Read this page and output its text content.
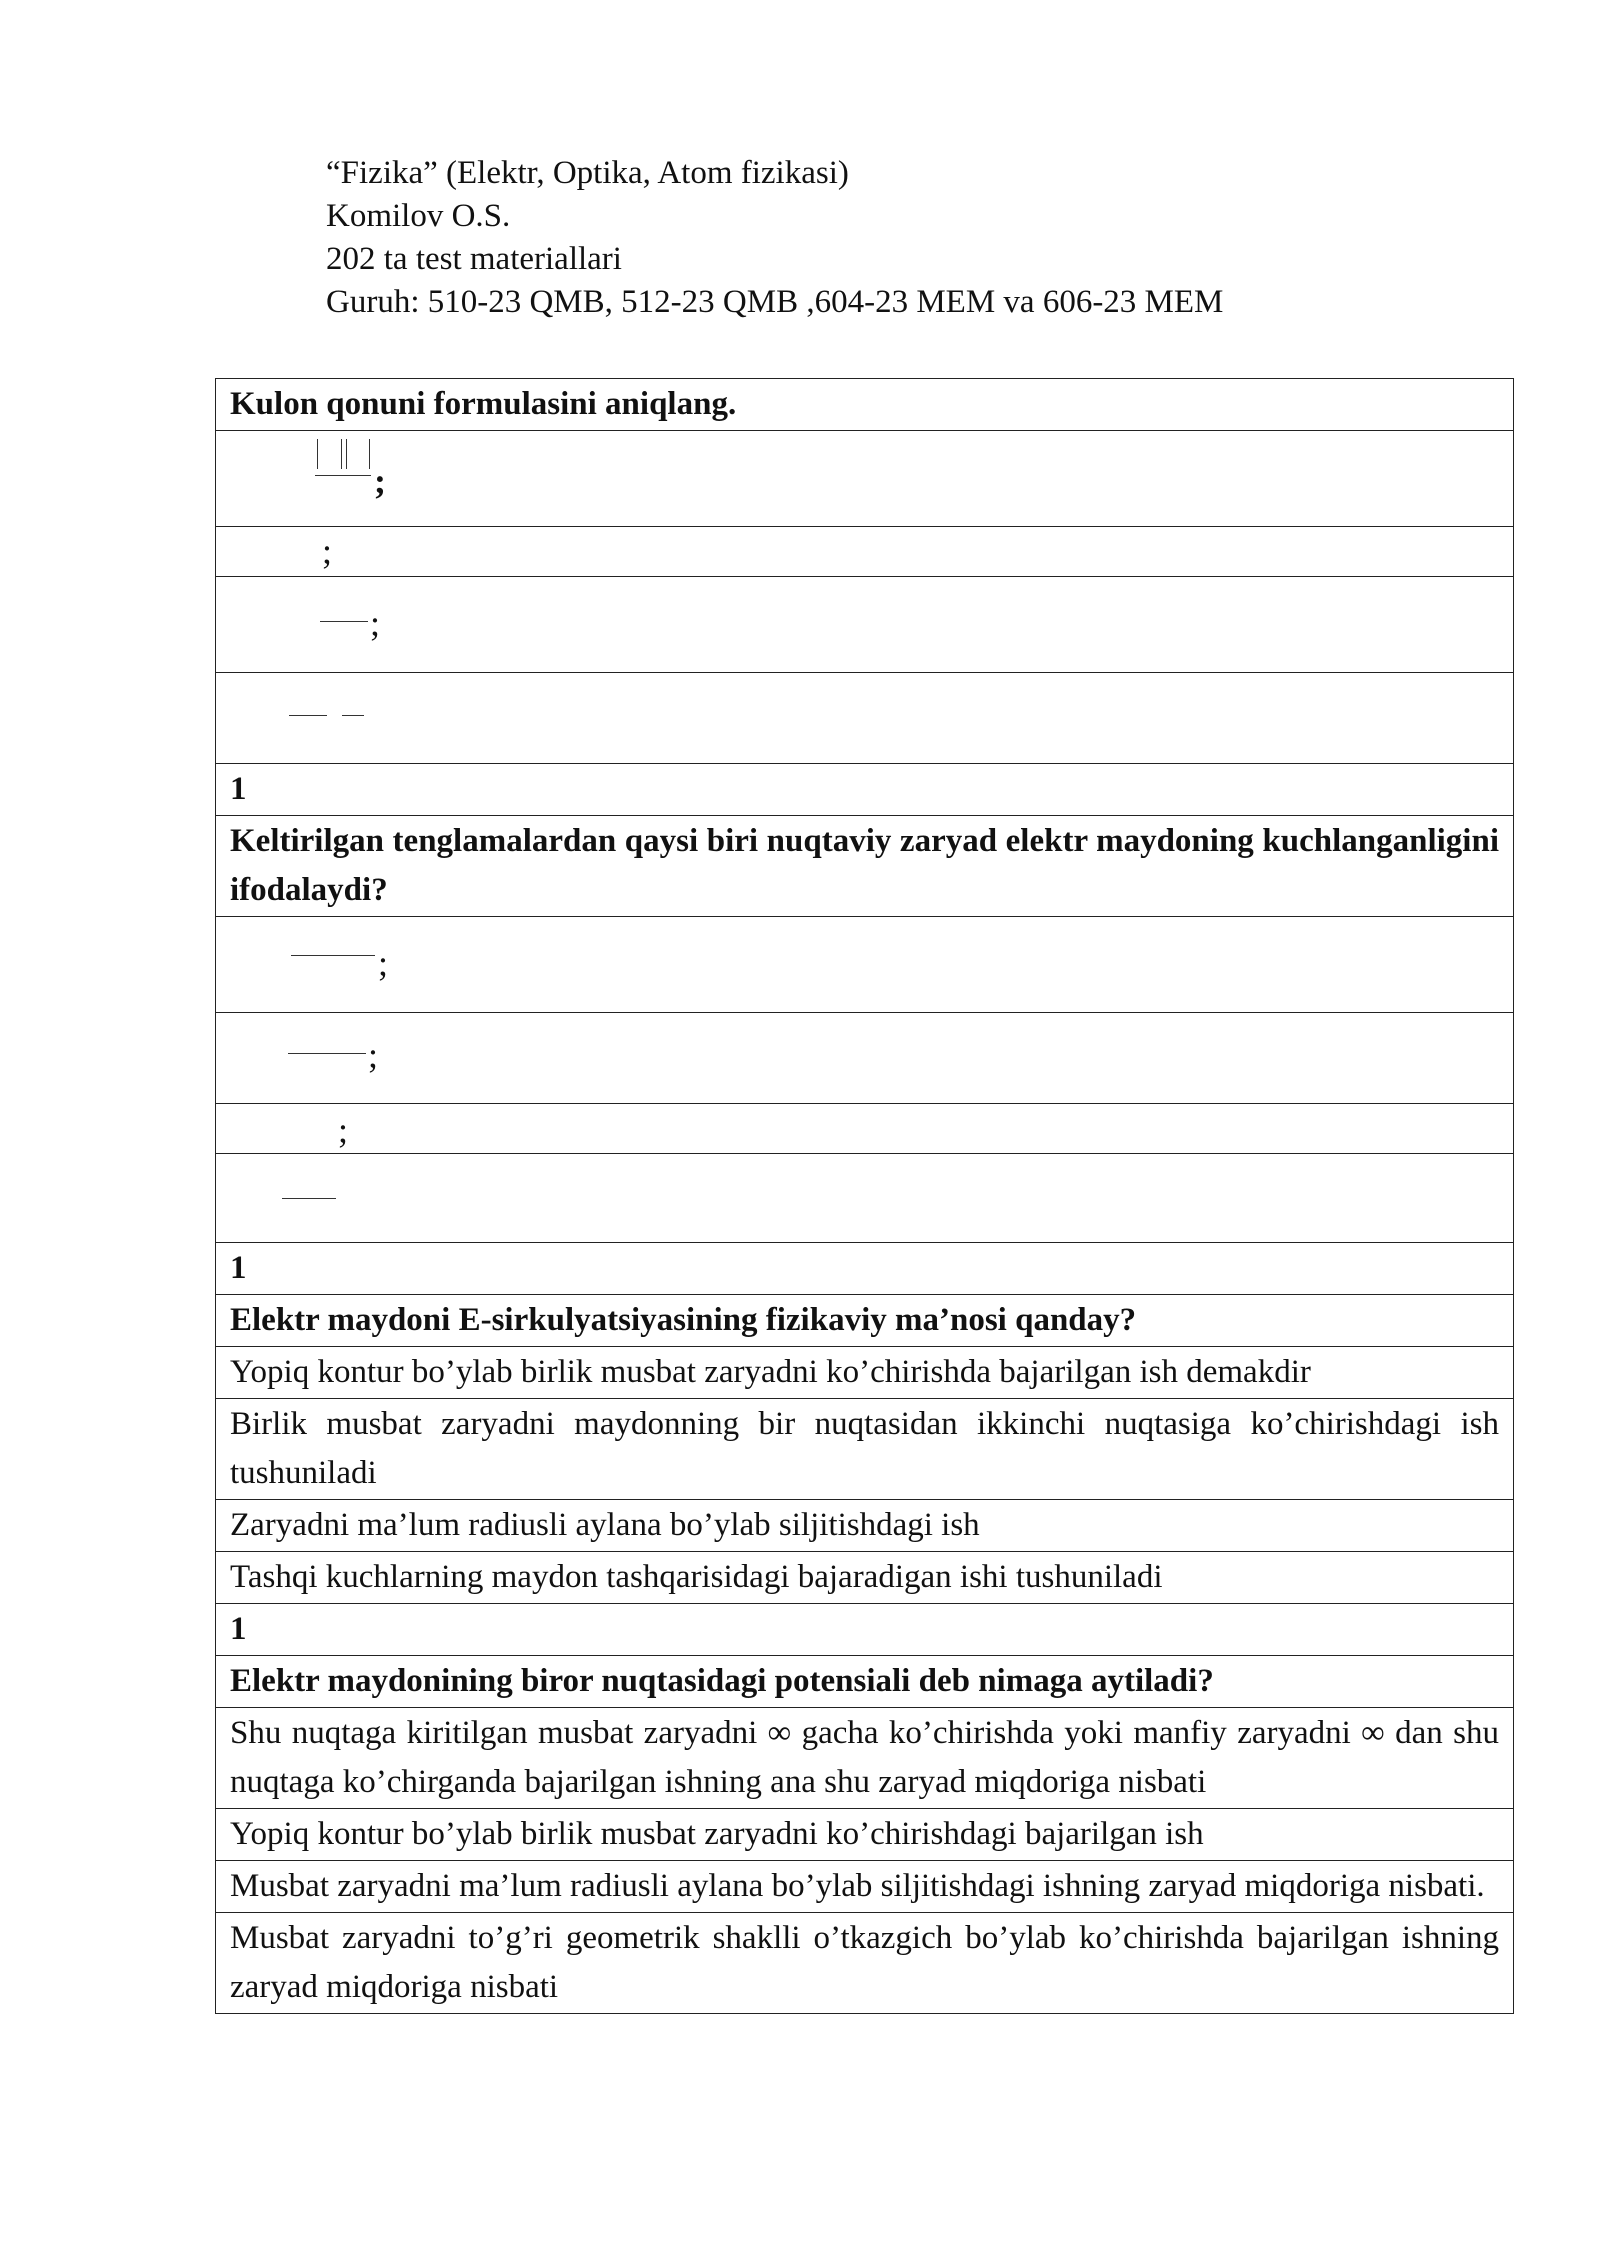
“Fizika” (Elektr, Optika, Atom fizikasi)
Komilov O.S.
202 ta test materiallari
Guruh: 510-23 QMB, 512-23 QMB ,604-23 MEM va 606-23 MEM
Kulon qonuni formulasini aniqlang.

;

;

;

1
Keltirilgan tenglamalardan qaysi biri nuqtaviy zaryad elektr maydoning kuchlanganligini ifodalaydi?

;

;

;

1
Elektr maydoni E-sirkulyatsiyasining fizikaviy ma’nosi qanday?
Yopiq kontur bo’ylab birlik musbat zaryadni ko’chirishda bajarilgan ish demakdir
Birlik musbat zaryadni maydonning bir nuqtasidan ikkinchi nuqtasiga ko’chirishdagi ish tushuniladi
Zaryadni ma’lum radiusli aylana bo’ylab siljitishdagi ish
Tashqi kuchlarning maydon tashqarisidagi bajaradigan ishi tushuniladi
1
Elektr maydonining biror nuqtasidagi potensiali deb nimaga aytiladi?
Shu nuqtaga kiritilgan musbat zaryadni ∞ gacha ko’chirishda yoki manfiy zaryadni ∞ dan shu nuqtaga ko’chirganda bajarilgan ishning ana shu zaryad miqdoriga nisbati
Yopiq kontur bo’ylab birlik musbat zaryadni ko’chirishdagi bajarilgan ish
Musbat zaryadni ma’lum radiusli aylana bo’ylab siljitishdagi ishning zaryad miqdoriga nisbati.
Musbat zaryadni to’g’ri geometrik shaklli o’tkazgich bo’ylab ko’chirishda bajarilgan ishning zaryad miqdoriga nisbati
